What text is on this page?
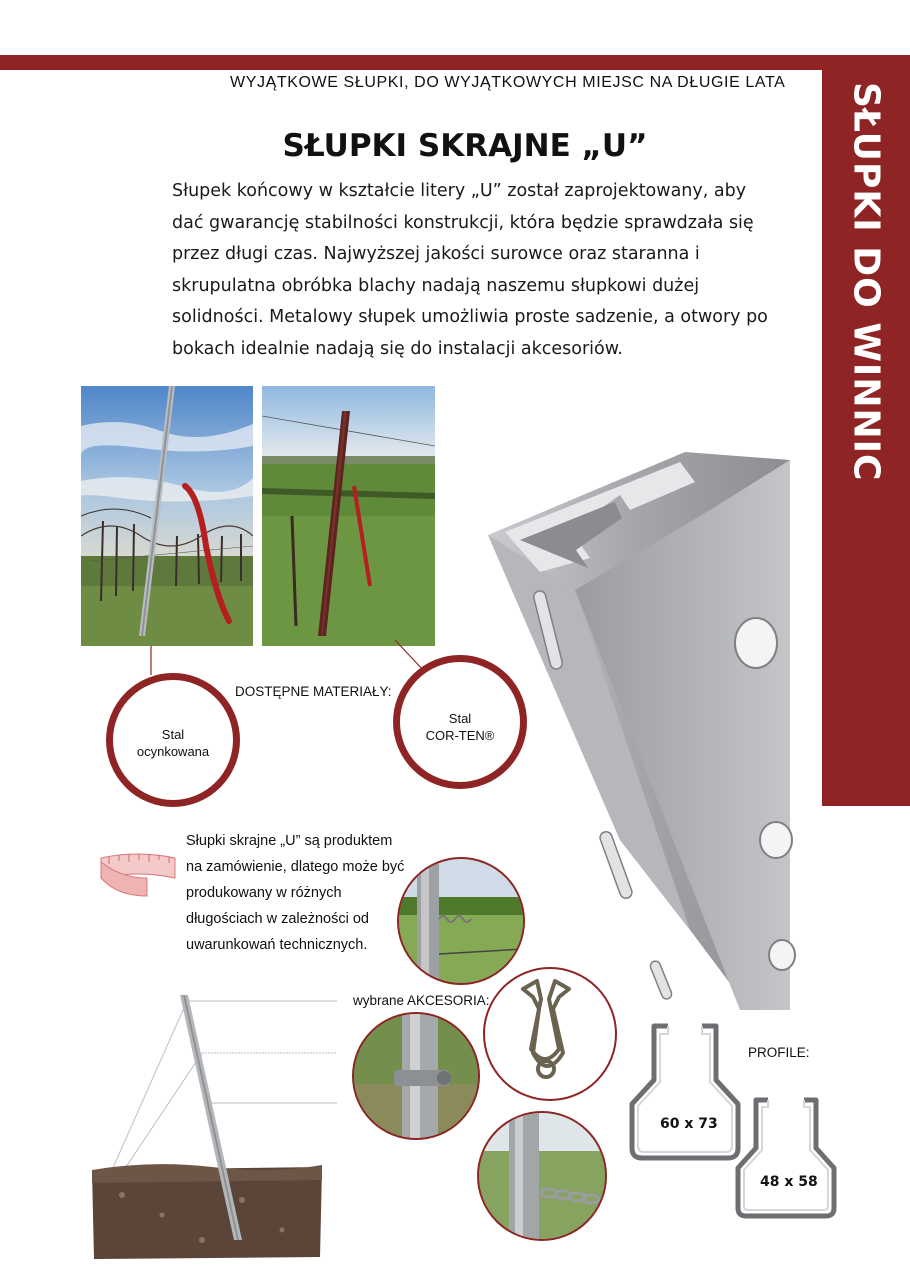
SŁUPKI DO WINNIC
WYJĄTKOWE SŁUPKI, DO WYJĄTKOWYCH MIEJSC NA DŁUGIE LATA
SŁUPKI SKRAJNE „U”
Słupek końcowy w kształcie litery „U” został zaprojektowany, aby dać gwarancję stabilności konstrukcji, która będzie sprawdzała się przez długi czas. Najwyższej jakości surowce oraz staranna i skrupulatna obróbka blachy nadają naszemu słupkowi dużej solidności. Metalowy słupek umożliwia proste sadzenie, a otwory po bokach idealnie nadają się do instalacji akcesoriów.
DOSTĘPNE MATERIAŁY:
Stal
ocynkowana
Stal
COR-TEN®
Słupki skrajne „U” są produktem na zamówienie, dlatego może być produkowany w różnych długościach w zależności od uwarunkowań technicznych.
wybrane AKCESORIA:
PROFILE:
60 x 73
48 x 58
